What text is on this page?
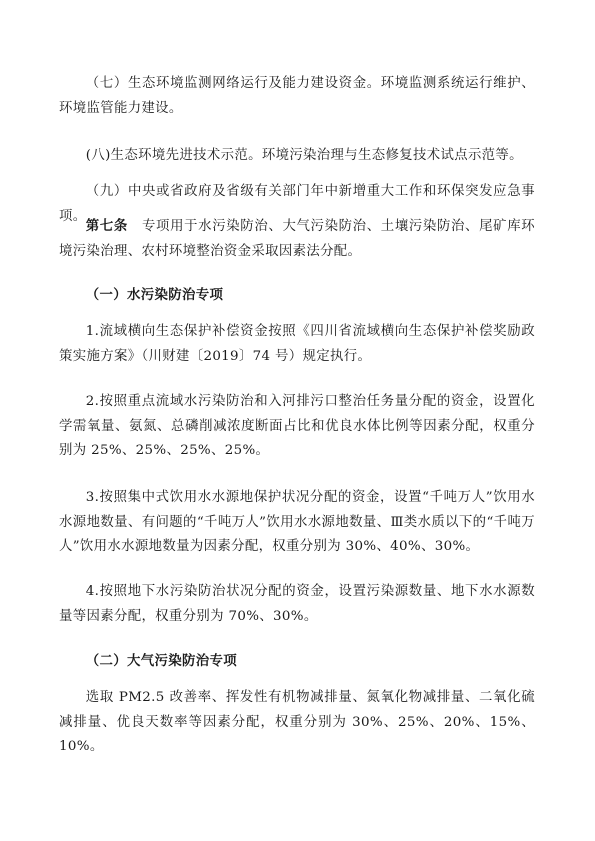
（七）生态环境监测网络运行及能力建设资金。环境监测系统运行维护、环境监管能力建设。

(八)生态环境先进技术示范。环境污染治理与生态修复技术试点示范等。

（九）中央或省政府及省级有关部门年中新增重大工作和环保突发应急事项。

第七条　专项用于水污染防治、大气污染防治、土壤污染防治、尾矿库环境污染治理、农村环境整治资金采取因素法分配。

（一）水污染防治专项

1.流域横向生态保护补偿资金按照《四川省流域横向生态保护补偿奖励政策实施方案》（川财建〔2019〕74 号）规定执行。

2.按照重点流域水污染防治和入河排污口整治任务量分配的资金，设置化学需氧量、氨氮、总磷削减浓度断面占比和优良水体比例等因素分配，权重分别为 25%、25%、25%、25%。

3.按照集中式饮用水水源地保护状况分配的资金，设置“千吨万人”饮用水水源地数量、有问题的“千吨万人”饮用水水源地数量、Ⅲ类水质以下的“千吨万人”饮用水水源地数量为因素分配，权重分别为 30%、40%、30%。

4.按照地下水污染防治状况分配的资金，设置污染源数量、地下水水源数量等因素分配，权重分别为 70%、30%。

（二）大气污染防治专项

选取 PM2.5 改善率、挥发性有机物减排量、氮氧化物减排量、二氧化硫减排量、优良天数率等因素分配，权重分别为 30%、25%、20%、15%、10%。
